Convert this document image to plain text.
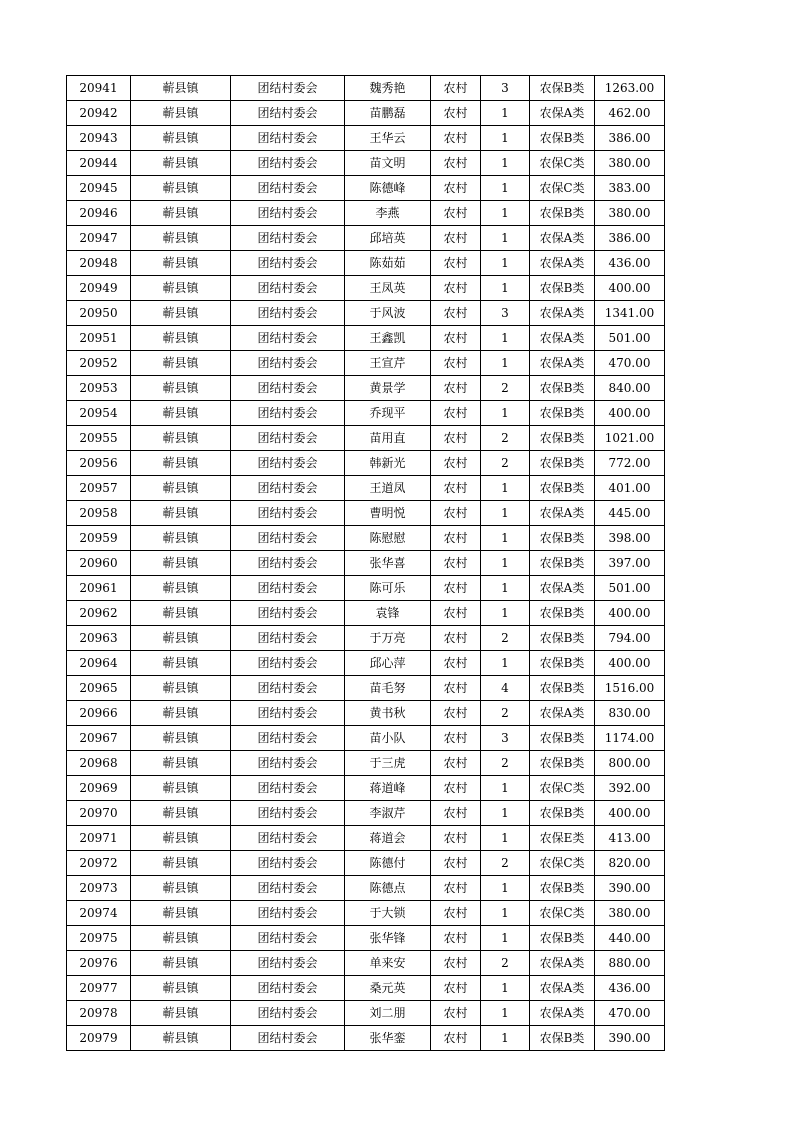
20941	蕲县镇	团结村委会	魏秀艳	农村	3	农保B类	1263.00
20942	蕲县镇	团结村委会	苗鹏磊	农村	1	农保A类	462.00
20943	蕲县镇	团结村委会	王华云	农村	1	农保B类	386.00
20944	蕲县镇	团结村委会	苗文明	农村	1	农保C类	380.00
20945	蕲县镇	团结村委会	陈德峰	农村	1	农保C类	383.00
20946	蕲县镇	团结村委会	李燕	农村	1	农保B类	380.00
20947	蕲县镇	团结村委会	邱培英	农村	1	农保A类	386.00
20948	蕲县镇	团结村委会	陈茹茹	农村	1	农保A类	436.00
20949	蕲县镇	团结村委会	王凤英	农村	1	农保B类	400.00
20950	蕲县镇	团结村委会	于风波	农村	3	农保A类	1341.00
20951	蕲县镇	团结村委会	王鑫凯	农村	1	农保A类	501.00
20952	蕲县镇	团结村委会	王宣芹	农村	1	农保A类	470.00
20953	蕲县镇	团结村委会	黄景学	农村	2	农保B类	840.00
20954	蕲县镇	团结村委会	乔现平	农村	1	农保B类	400.00
20955	蕲县镇	团结村委会	苗用直	农村	2	农保B类	1021.00
20956	蕲县镇	团结村委会	韩新光	农村	2	农保B类	772.00
20957	蕲县镇	团结村委会	王道凤	农村	1	农保B类	401.00
20958	蕲县镇	团结村委会	曹明悦	农村	1	农保A类	445.00
20959	蕲县镇	团结村委会	陈慰慰	农村	1	农保B类	398.00
20960	蕲县镇	团结村委会	张华喜	农村	1	农保B类	397.00
20961	蕲县镇	团结村委会	陈可乐	农村	1	农保A类	501.00
20962	蕲县镇	团结村委会	袁锋	农村	1	农保B类	400.00
20963	蕲县镇	团结村委会	于万亮	农村	2	农保B类	794.00
20964	蕲县镇	团结村委会	邱心萍	农村	1	农保B类	400.00
20965	蕲县镇	团结村委会	苗毛努	农村	4	农保B类	1516.00
20966	蕲县镇	团结村委会	黄书秋	农村	2	农保A类	830.00
20967	蕲县镇	团结村委会	苗小队	农村	3	农保B类	1174.00
20968	蕲县镇	团结村委会	于三虎	农村	2	农保B类	800.00
20969	蕲县镇	团结村委会	蒋道峰	农村	1	农保C类	392.00
20970	蕲县镇	团结村委会	李淑芹	农村	1	农保B类	400.00
20971	蕲县镇	团结村委会	蒋道会	农村	1	农保E类	413.00
20972	蕲县镇	团结村委会	陈德付	农村	2	农保C类	820.00
20973	蕲县镇	团结村委会	陈德点	农村	1	农保B类	390.00
20974	蕲县镇	团结村委会	于大锁	农村	1	农保C类	380.00
20975	蕲县镇	团结村委会	张华锋	农村	1	农保B类	440.00
20976	蕲县镇	团结村委会	单来安	农村	2	农保A类	880.00
20977	蕲县镇	团结村委会	桑元英	农村	1	农保A类	436.00
20978	蕲县镇	团结村委会	刘二朋	农村	1	农保A类	470.00
20979	蕲县镇	团结村委会	张华銮	农村	1	农保B类	390.00
